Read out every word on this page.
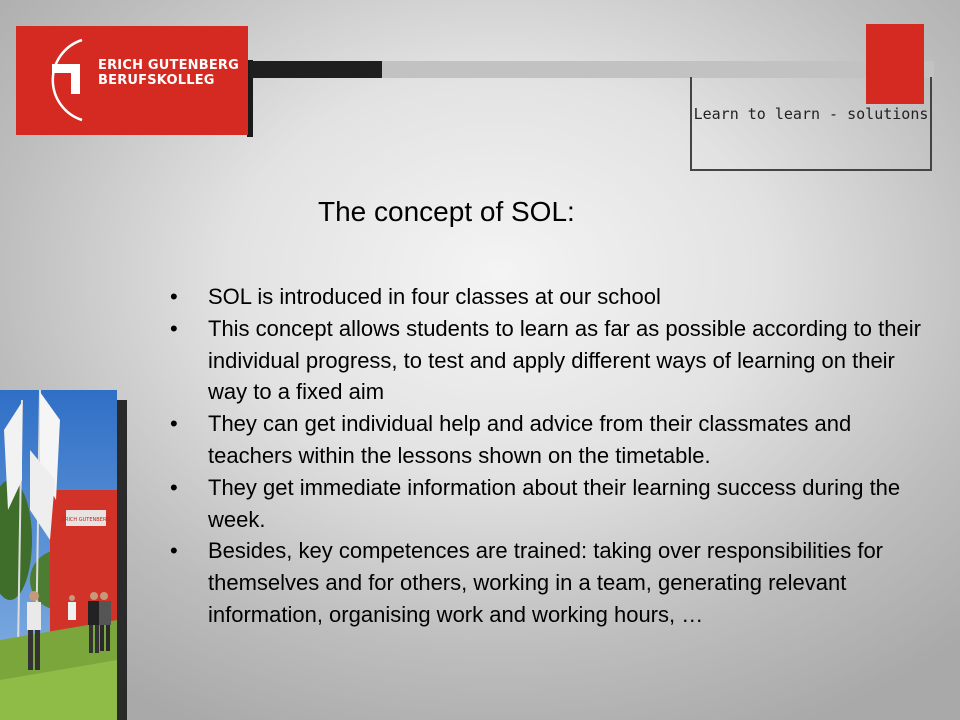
ERICH GUTENBERG
BERUFSKOLLEG
Learn to learn - solutions
ERICH GUTENBERG
The concept of SOL:
• SOL is introduced in four classes at our school
• This concept allows students to learn as far as possible according to their individual progress, to test and apply different ways of learning on their way to a fixed aim
• They can get individual help and advice from their classmates and teachers within the lessons shown on the timetable.
• They get immediate information about their learning success during the week.
• Besides, key competences are trained: taking over responsibilities for themselves and for others, working in a team, generating relevant information, organising work and working hours, …
